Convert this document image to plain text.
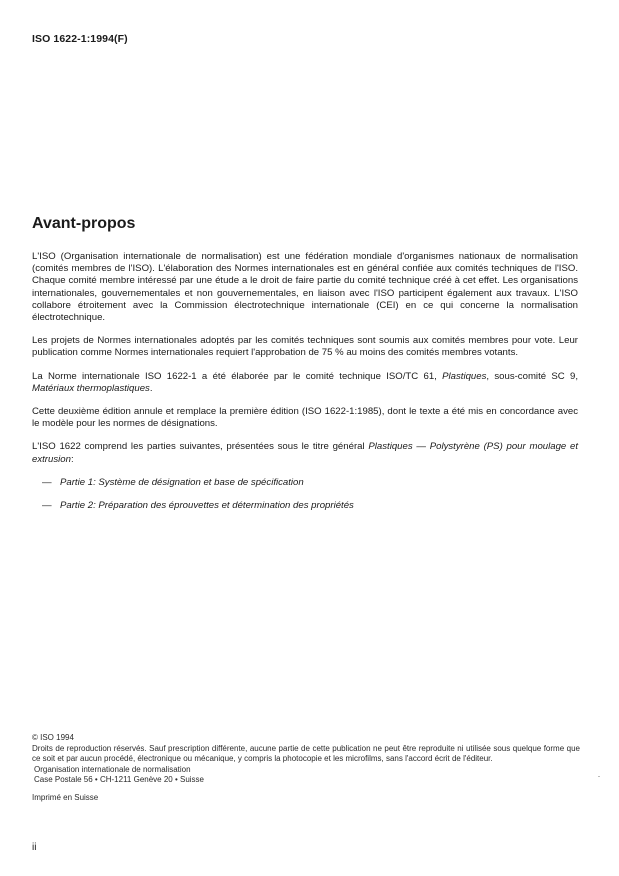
ISO 1622-1:1994(F)
Avant-propos

L'ISO (Organisation internationale de normalisation) est une fédération mondiale d'organismes nationaux de normalisation (comités membres de l'ISO). L'élaboration des Normes internationales est en général confiée aux comités techniques de l'ISO. Chaque comité membre intéressé par une étude a le droit de faire partie du comité technique créé à cet effet. Les organisations internationales, gouvernementales et non gouvernementales, en liaison avec l'ISO participent également aux travaux. L'ISO collabore étroitement avec la Commission électrotechnique internationale (CEI) en ce qui concerne la normalisation électrotechnique.

Les projets de Normes internationales adoptés par les comités techniques sont soumis aux comités membres pour vote. Leur publication comme Normes internationales requiert l'approbation de 75 % au moins des comités membres votants.

La Norme internationale ISO 1622-1 a été élaborée par le comité technique ISO/TC 61, Plastiques, sous-comité SC 9, Matériaux thermoplastiques.

Cette deuxième édition annule et remplace la première édition (ISO 1622-1:1985), dont le texte a été mis en concordance avec le modèle pour les normes de désignations.

L'ISO 1622 comprend les parties suivantes, présentées sous le titre général Plastiques — Polystyrène (PS) pour moulage et extrusion:

— Partie 1: Système de désignation et base de spécification
— Partie 2: Préparation des éprouvettes et détermination des propriétés

© ISO 1994

Droits de reproduction réservés. Sauf prescription différente, aucune partie de cette publication ne peut être reproduite ni utilisée sous quelque forme que ce soit et par aucun procédé, électronique ou mécanique, y compris la photocopie et les microfilms, sans l'accord écrit de l'éditeur.

Organisation internationale de normalisation

Case Postale 56 • CH-1211 Genève 20 • Suisse

Imprimé en Suisse

ii
